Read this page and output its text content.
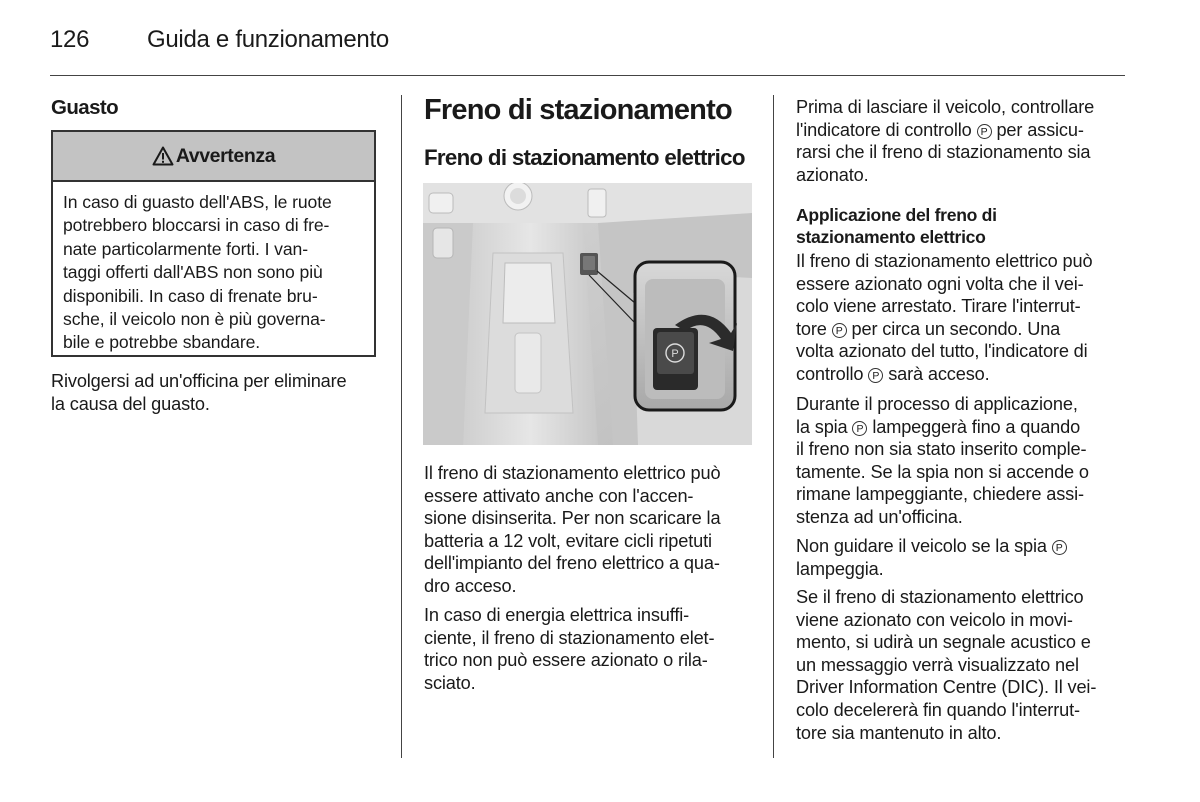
126 Guida e funzionamento
Guasto
Avvertenza
In caso di guasto dell'ABS, le ruote
potrebbero bloccarsi in caso di fre-
nate particolarmente forti. I van-
taggi offerti dall'ABS non sono più
disponibili. In caso di frenate bru-
sche, il veicolo non è più governa-
bile e potrebbe sbandare.
Rivolgersi ad un'officina per eliminare
la causa del guasto.
Freno di stazionamento
Freno di stazionamento elettrico
P
Il freno di stazionamento elettrico può
essere attivato anche con l'accen-
sione disinserita. Per non scaricare la
batteria a 12 volt, evitare cicli ripetuti
dell'impianto del freno elettrico a qua-
dro acceso.
In caso di energia elettrica insuffi-
ciente, il freno di stazionamento elet-
trico non può essere azionato o rila-
sciato.
Prima di lasciare il veicolo, controllare
l'indicatore di controllo P per assicu-
rarsi che il freno di stazionamento sia
azionato.
Applicazione del freno di
stazionamento elettrico
Il freno di stazionamento elettrico può
essere azionato ogni volta che il vei-
colo viene arrestato. Tirare l'interrut-
tore P per circa un secondo. Una
volta azionato del tutto, l'indicatore di
controllo P sarà acceso.
Durante il processo di applicazione,
la spia P lampeggerà fino a quando
il freno non sia stato inserito comple-
tamente. Se la spia non si accende o
rimane lampeggiante, chiedere assi-
stenza ad un'officina.
Non guidare il veicolo se la spia P
lampeggia.
Se il freno di stazionamento elettrico
viene azionato con veicolo in movi-
mento, si udirà un segnale acustico e
un messaggio verrà visualizzato nel
Driver Information Centre (DIC). Il vei-
colo decelererà fin quando l'interrut-
tore sia mantenuto in alto.
